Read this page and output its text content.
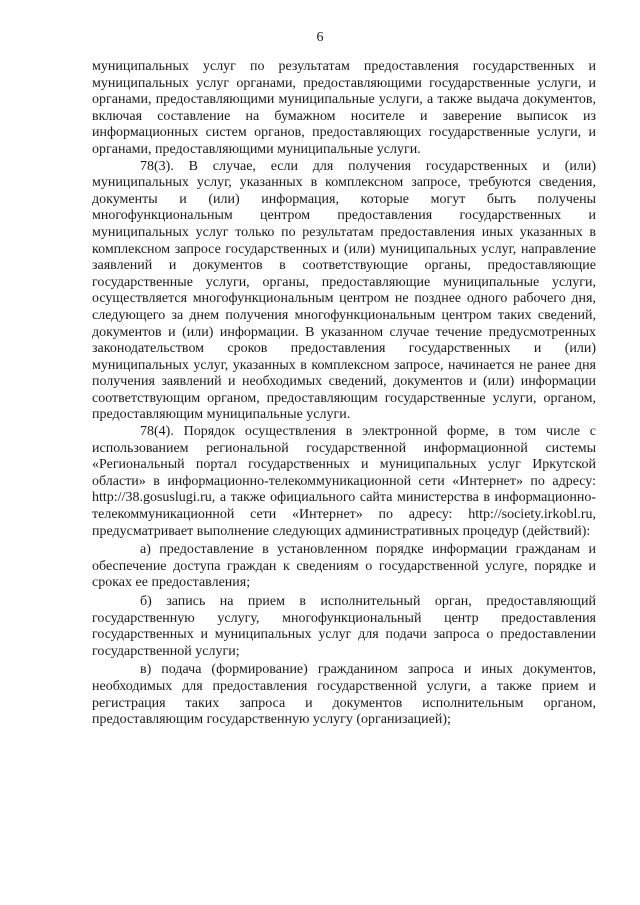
6

муниципальных услуг по результатам предоставления государственных и муниципальных услуг органами, предоставляющими государственные услуги, и органами, предоставляющими муниципальные услуги, а также выдача документов, включая составление на бумажном носителе и заверение выписок из информационных систем органов, предоставляющих государственные услуги, и органами, предоставляющими муниципальные услуги.

78(3). В случае, если для получения государственных и (или) муниципальных услуг, указанных в комплексном запросе, требуются сведения, документы и (или) информация, которые могут быть получены многофункциональным центром предоставления государственных и муниципальных услуг только по результатам предоставления иных указанных в комплексном запросе государственных и (или) муниципальных услуг, направление заявлений и документов в соответствующие органы, предоставляющие государственные услуги, органы, предоставляющие муниципальные услуги, осуществляется многофункциональным центром не позднее одного рабочего дня, следующего за днем получения многофункциональным центром таких сведений, документов и (или) информации. В указанном случае течение предусмотренных законодательством сроков предоставления государственных и (или) муниципальных услуг, указанных в комплексном запросе, начинается не ранее дня получения заявлений и необходимых сведений, документов и (или) информации соответствующим органом, предоставляющим государственные услуги, органом, предоставляющим муниципальные услуги.

78(4). Порядок осуществления в электронной форме, в том числе с использованием региональной государственной информационной системы «Региональный портал государственных и муниципальных услуг Иркутской области» в информационно-телекоммуникационной сети «Интернет» по адресу: http://38.gosuslugi.ru, а также официального сайта министерства в информационно-телекоммуникационной сети «Интернет» по адресу: http://society.irkobl.ru, предусматривает выполнение следующих административных процедур (действий):

а) предоставление в установленном порядке информации гражданам и обеспечение доступа граждан к сведениям о государственной услуге, порядке и сроках ее предоставления;

б) запись на прием в исполнительный орган, предоставляющий государственную услугу, многофункциональный центр предоставления государственных и муниципальных услуг для подачи запроса о предоставлении государственной услуги;

в) подача (формирование) гражданином запроса и иных документов, необходимых для предоставления государственной услуги, а также прием и регистрация таких запроса и документов исполнительным органом, предоставляющим государственную услугу (организацией);
